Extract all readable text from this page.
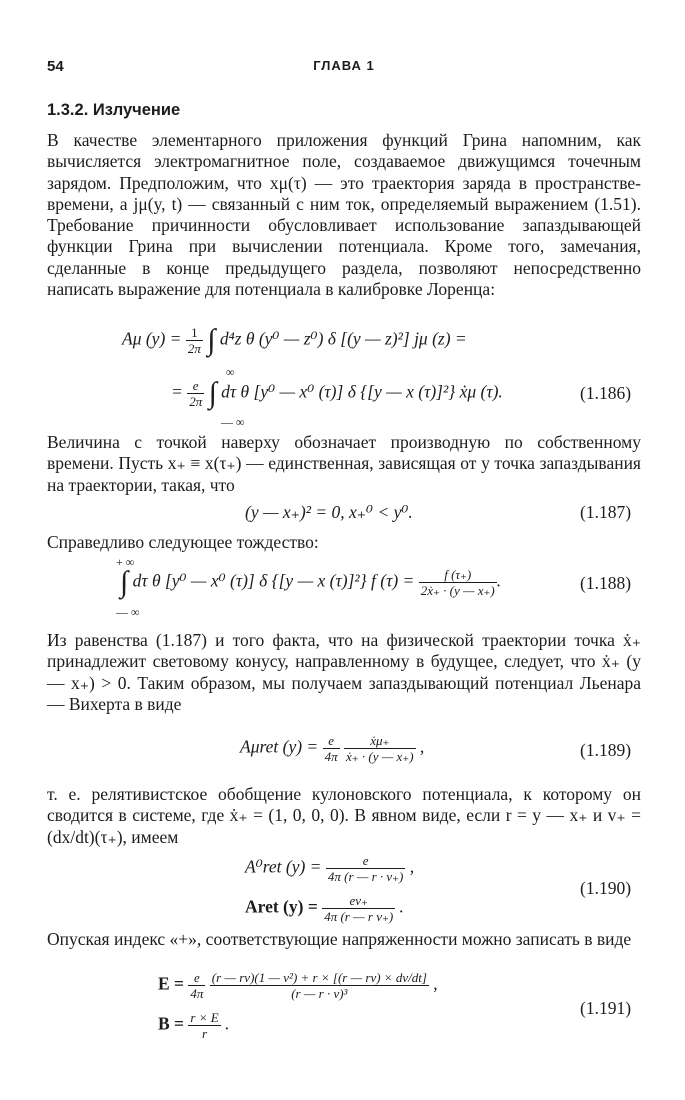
54	ГЛАВА 1
1.3.2. Излучение

В качестве элементарного приложения функций Грина напомним, как вычисляется электромагнитное поле, создаваемое движущимся точечным зарядом. Предположим, что xμ(τ) — это траектория заряда в пространстве-времени, а jμ(y, t) — связанный с ним ток, определяемый выражением (1.51). Требование причинности обусловливает использование запаздывающей функции Грина при вычислении потенциала. Кроме того, замечания, сделанные в конце предыдущего раздела, позволяют непосредственно написать выражение для потенциала в калибровке Лоренца:

Aμ $(y) = \frac{1}{2\pi}$ ∫ d⁴z θ (y⁰ — z⁰) δ [(y — z)²] jμ (z) =
∞
= $\frac{e}{2\pi}$ ∫ dτ θ [y⁰ — x⁰ (τ)] δ {[y — x (τ)]²} ẋμ (τ).
— ∞
(1.186)

Величина с точкой наверху обозначает производную по собственному времени. Пусть x₊ ≡ x(τ₊) — единственная, зависящая от y точка запаздывания на траектории, такая, что

(y — x₊)² = 0, x₊⁰ < y⁰.	(1.187)

Справедливо следующее тождество:

+ ∞
∫ dτ θ [y⁰ — x⁰ (τ)] δ {[y — x (τ)]²} f $(\tau) = \frac{f (\tau_+)}{\text{2ẋ₊ · (y — x₊)}}$ .
— ∞
(1.188)

Из равенства (1.187) и того факта, что на физической траектории точка ẋ₊ принадлежит световому конусу, направленному в будущее, следует, что ẋ₊ (y — x₊) > 0. Таким образом, мы получаем запаздывающий потенциал Льенара — Вихерта в виде

Aμret $(y) = \frac{e}{4\pi}$
$\frac{\text{ẋμ₊}}{\text{ẋ₊ · (y — x₊)}}$ ,	(1.189)

т. е. релятивистское обобщение кулоновского потенциала, к которому он сводится в системе, где ẋ₊ = (1, 0, 0, 0). В явном виде, если r = y — x₊ и v₊ = (dx/dt)(τ₊), имеем

A⁰ret $(y) = \frac{e}{4\pi (r — r \cdot v_+)}$ ,
Aret $(y) = \frac{ev_+}{\text{4π (r — r v₊)}}$ .
(1.190)

Опуская индекс «+», соответствующие напряженности можно записать в виде

$E = \frac{e}{4\pi}$
$\frac{\text{(r — rv)(1 — v²) + r × [(r — rv) × dv/dt]}}{\text{(r — r · v)³}}$ ,
$B = \frac{r \times E}{r}$ .
(1.191)
